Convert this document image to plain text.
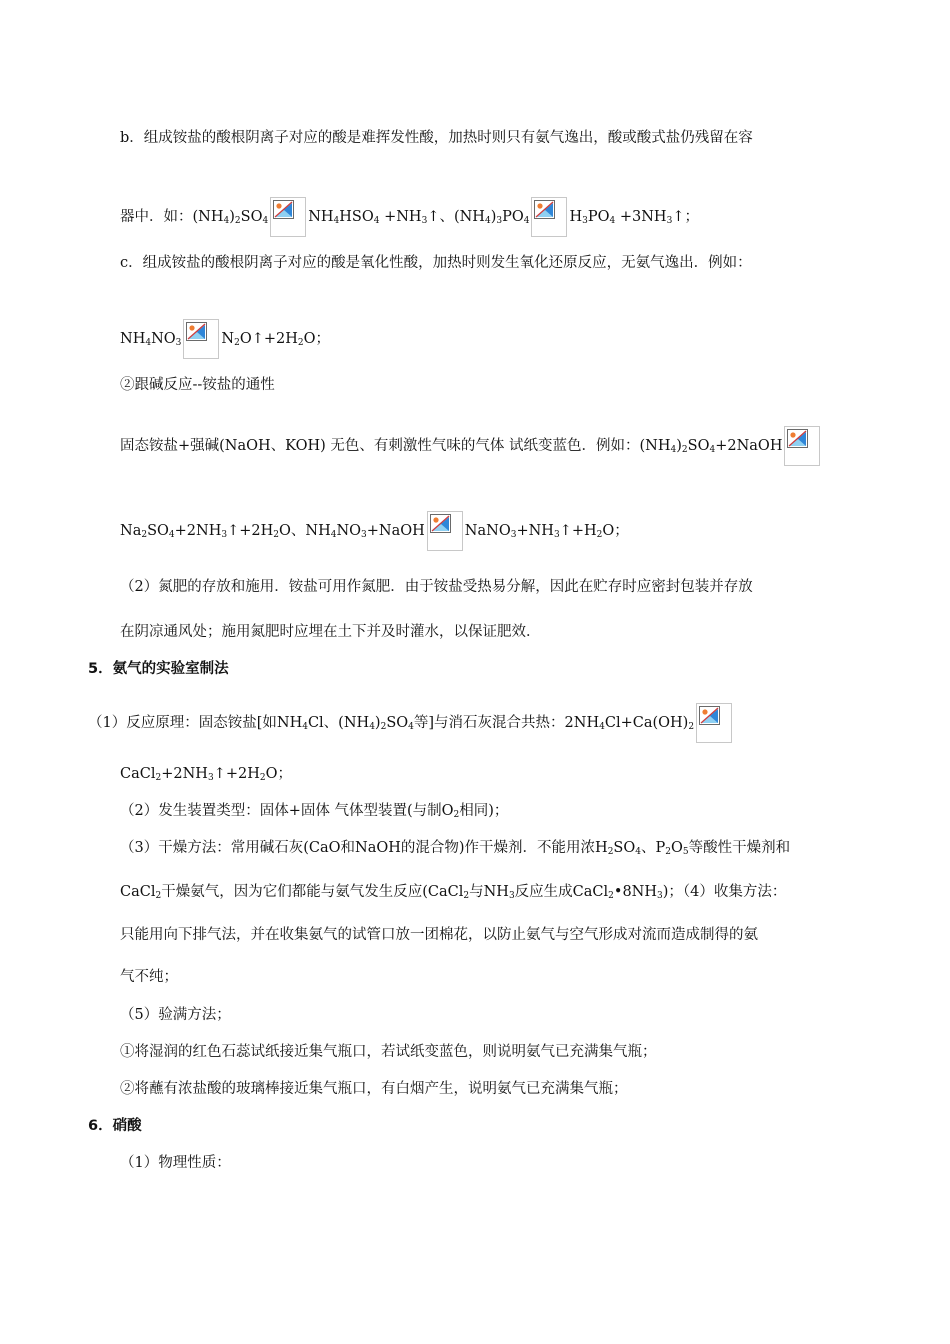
b．组成铵盐的酸根阴离子对应的酸是难挥发性酸，加热时则只有氨气逸出，酸或酸式盐仍残留在容
器中．如：$(NH_4)_2SO_4$	$NH_4HSO_4$ $+NH_3↑$、$(NH_4)_3PO_4$	$H_3PO_4$ $+3NH_3↑$；
c．组成铵盐的酸根阴离子对应的酸是氧化性酸，加热时则发生氧化还原反应，无氨气逸出．例如：
$NH_4NO_3$	$N_2O↑+2H_2O$；
②跟碱反应--铵盐的通性
固态铵盐+强碱(NaOH、KOH) 无色、有刺激性气味的气体 试纸变蓝色．例如：$(NH_4)_2SO_4+2NaOH$
$Na_2SO_4+2NH_3↑+2H_2O$、$NH_4NO_3+NaOH$	$NaNO_3+NH_3↑+H_2O$；
（2）氮肥的存放和施用．铵盐可用作氮肥．由于铵盐受热易分解，因此在贮存时应密封包装并存放
在阴凉通风处；施用氮肥时应埋在土下并及时灌水，以保证肥效．
5．氨气的实验室制法
（1）反应原理：固态铵盐[如$NH_4Cl$、$(NH_4)_2SO_4$等]与消石灰混合共热：$2NH_4Cl+Ca(OH)_2$
$CaCl_2+2NH_3↑+2H_2O$；
（2）发生装置类型：固体+固体 气体型装置(与制$O_2$相同)；
（3）干燥方法：常用碱石灰(CaO和NaOH的混合物)作干燥剂．不能用浓$H_2SO_4$、$P_2O_5$等酸性干燥剂和
CaCl$_2$干燥氨气，因为它们都能与氨气发生反应(CaCl$_2$与$NH_3$反应生成$CaCl_2•8NH_3$)；（4）收集方法：
只能用向下排气法，并在收集氨气的试管口放一团棉花，以防止氨气与空气形成对流而造成制得的氨
气不纯；
（5）验满方法；
①将湿润的红色石蕊试纸接近集气瓶口，若试纸变蓝色，则说明氨气已充满集气瓶；
②将蘸有浓盐酸的玻璃棒接近集气瓶口，有白烟产生，说明氨气已充满集气瓶；
6．硝酸
（1）物理性质：
